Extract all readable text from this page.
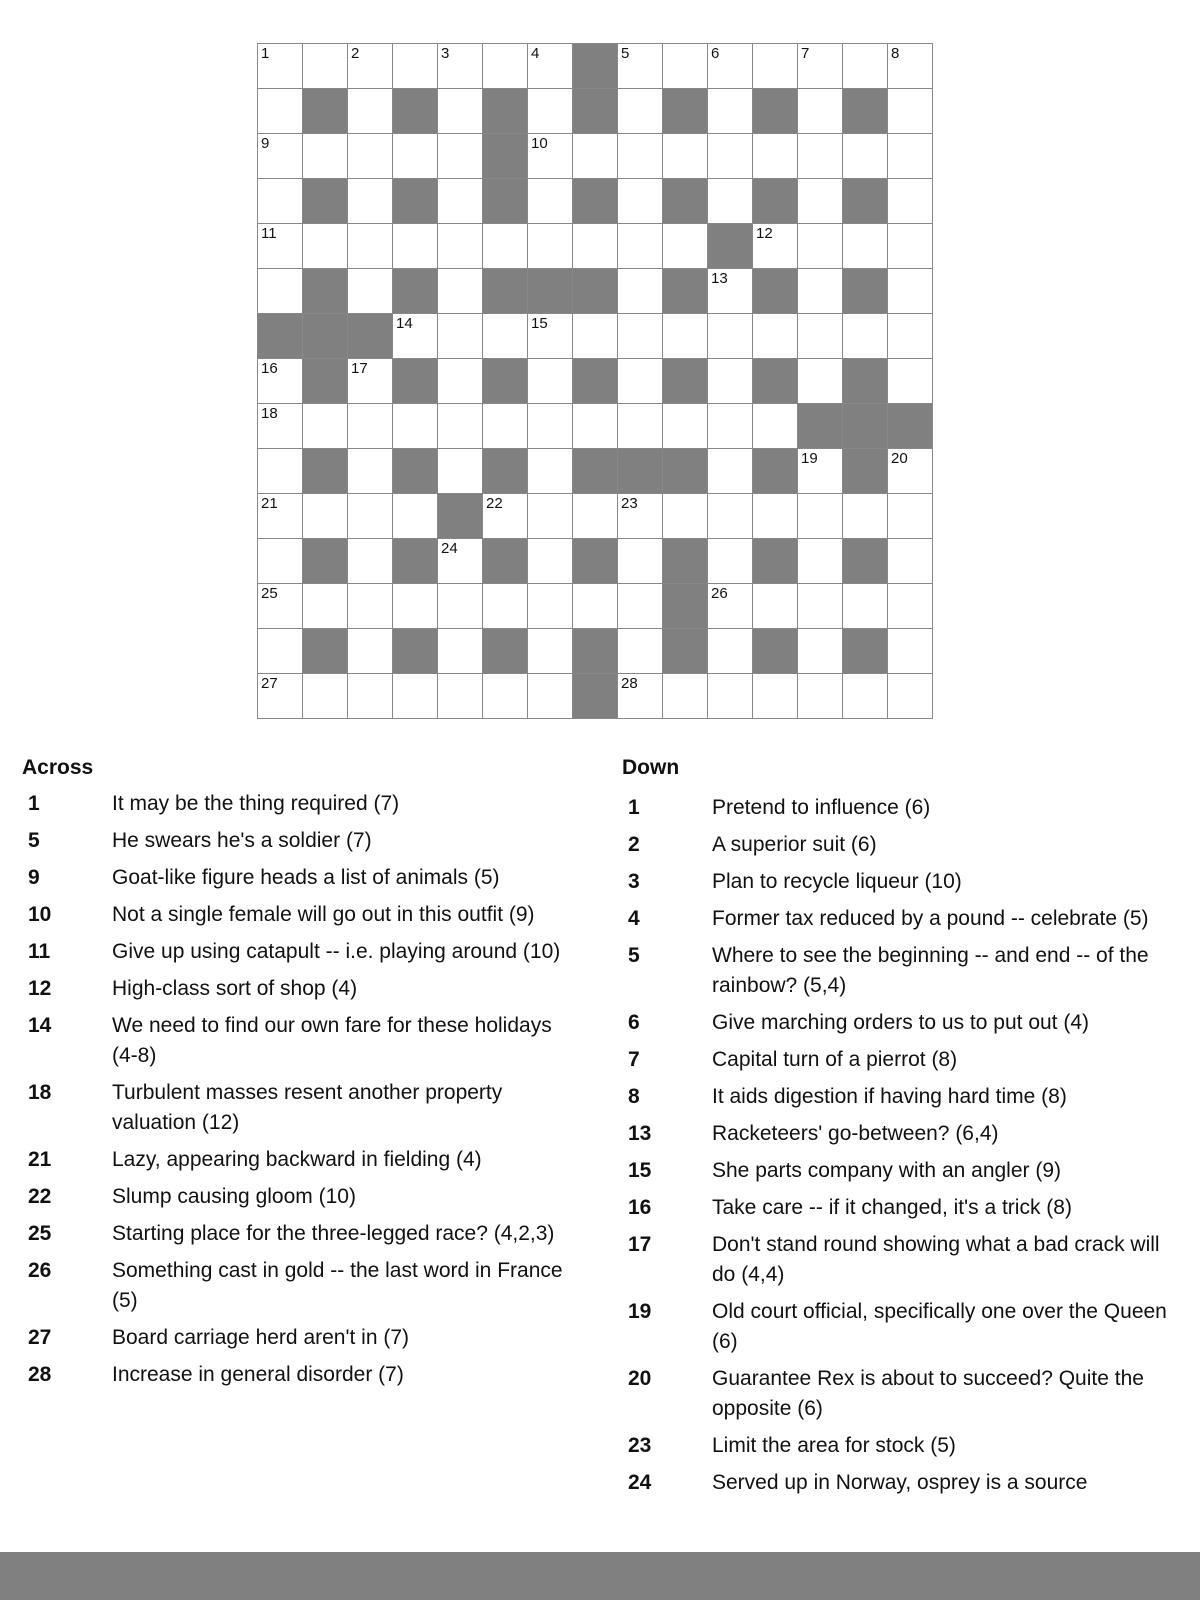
1	2	3	4	5	6	7	8
9	10
11	12
13
14	15
16	17
18
19	20
21	22	23
24
25	26
27	28
Across
1	It may be the thing required (7)
5	He swears he's a soldier (7)
9	Goat-like figure heads a list of animals (5)
10	Not a single female will go out in this outfit (9)
11	Give up using catapult -- i.e. playing around (10)
12	High-class sort of shop (4)
14	We need to find our own fare for these holidays (4-8)
18	Turbulent masses resent another property valuation (12)
21	Lazy, appearing backward in fielding (4)
22	Slump causing gloom (10)
25	Starting place for the three-legged race? (4,2,3)
26	Something cast in gold -- the last word in France (5)
27	Board carriage herd aren't in (7)
28	Increase in general disorder (7)
Down
1	Pretend to influence (6)
2	A superior suit (6)
3	Plan to recycle liqueur (10)
4	Former tax reduced by a pound -- celebrate (5)
5	Where to see the beginning -- and end -- of the rainbow? (5,4)
6	Give marching orders to us to put out (4)
7	Capital turn of a pierrot (8)
8	It aids digestion if having hard time (8)
13	Racketeers' go-between? (6,4)
15	She parts company with an angler (9)
16	Take care -- if it changed, it's a trick (8)
17	Don't stand round showing what a bad crack will do (4,4)
19	Old court official, specifically one over the Queen (6)
20	Guarantee Rex is about to succeed? Quite the opposite (6)
23	Limit the area for stock (5)
24	Served up in Norway, osprey is a source
